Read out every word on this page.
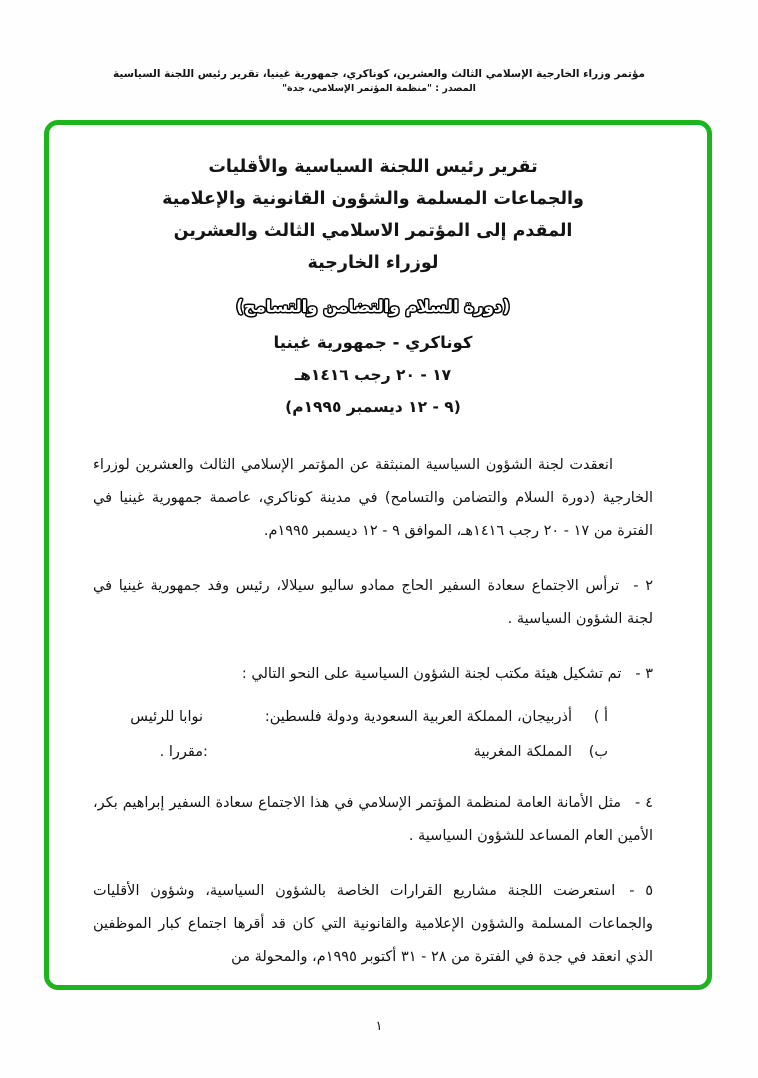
مؤتمر وزراء الخارجية الإسلامي الثالث والعشرين، كوناكري، جمهورية غينيا، تقرير رئيس اللجنة السياسية
المصدر : "منظمة المؤتمر الإسلامي، جدة"
تقرير رئيس اللجنة السياسية والأقليات
والجماعات المسلمة والشؤون القانونية والإعلامية
المقدم إلى المؤتمر الاسلامي الثالث والعشرين
لوزراء الخارجية
(دورة السلام والتضامن والتسامح)
كوناكري - جمهورية غينيا
١٧ - ٢٠ رجب ١٤١٦هـ
(٩ - ١٢ ديسمبر ١٩٩٥م)

انعقدت لجنة الشؤون السياسية المنبثقة عن المؤتمر الإسلامي الثالث والعشرين لوزراء الخارجية (دورة السلام والتضامن والتسامح) في مدينة كوناكري، عاصمة جمهورية غينيا في الفترة من ١٧ - ٢٠ رجب ١٤١٦هـ، الموافق ٩ - ١٢ ديسمبر ١٩٩٥م.

٢ -ترأس الاجتماع سعادة السفير الحاج ممادو ساليو سيلالا، رئيس وفد جمهورية غينيا في لجنة الشؤون السياسية .
٣ -تم تشكيل هيئة مكتب لجنة الشؤون السياسية على النحو التالي :
أ )
أذربيجان، المملكة العربية السعودية ودولة فلسطين:
نوابا للرئيس
ب)
المملكة المغربية
:
مقررا .
٤ -مثل الأمانة العامة لمنظمة المؤتمر الإسلامي في هذا الاجتماع سعادة السفير إبراهيم بكر، الأمين العام المساعد للشؤون السياسية .
٥ -استعرضت اللجنة مشاريع القرارات الخاصة بالشؤون السياسية، وشؤون الأقليات والجماعات المسلمة والشؤون الإعلامية والقانونية التي كان قد أقرها اجتماع كبار الموظفين الذي انعقد في جدة في الفترة من ٢٨ - ٣١ أكتوبر ١٩٩٥م، والمحولة من
١
